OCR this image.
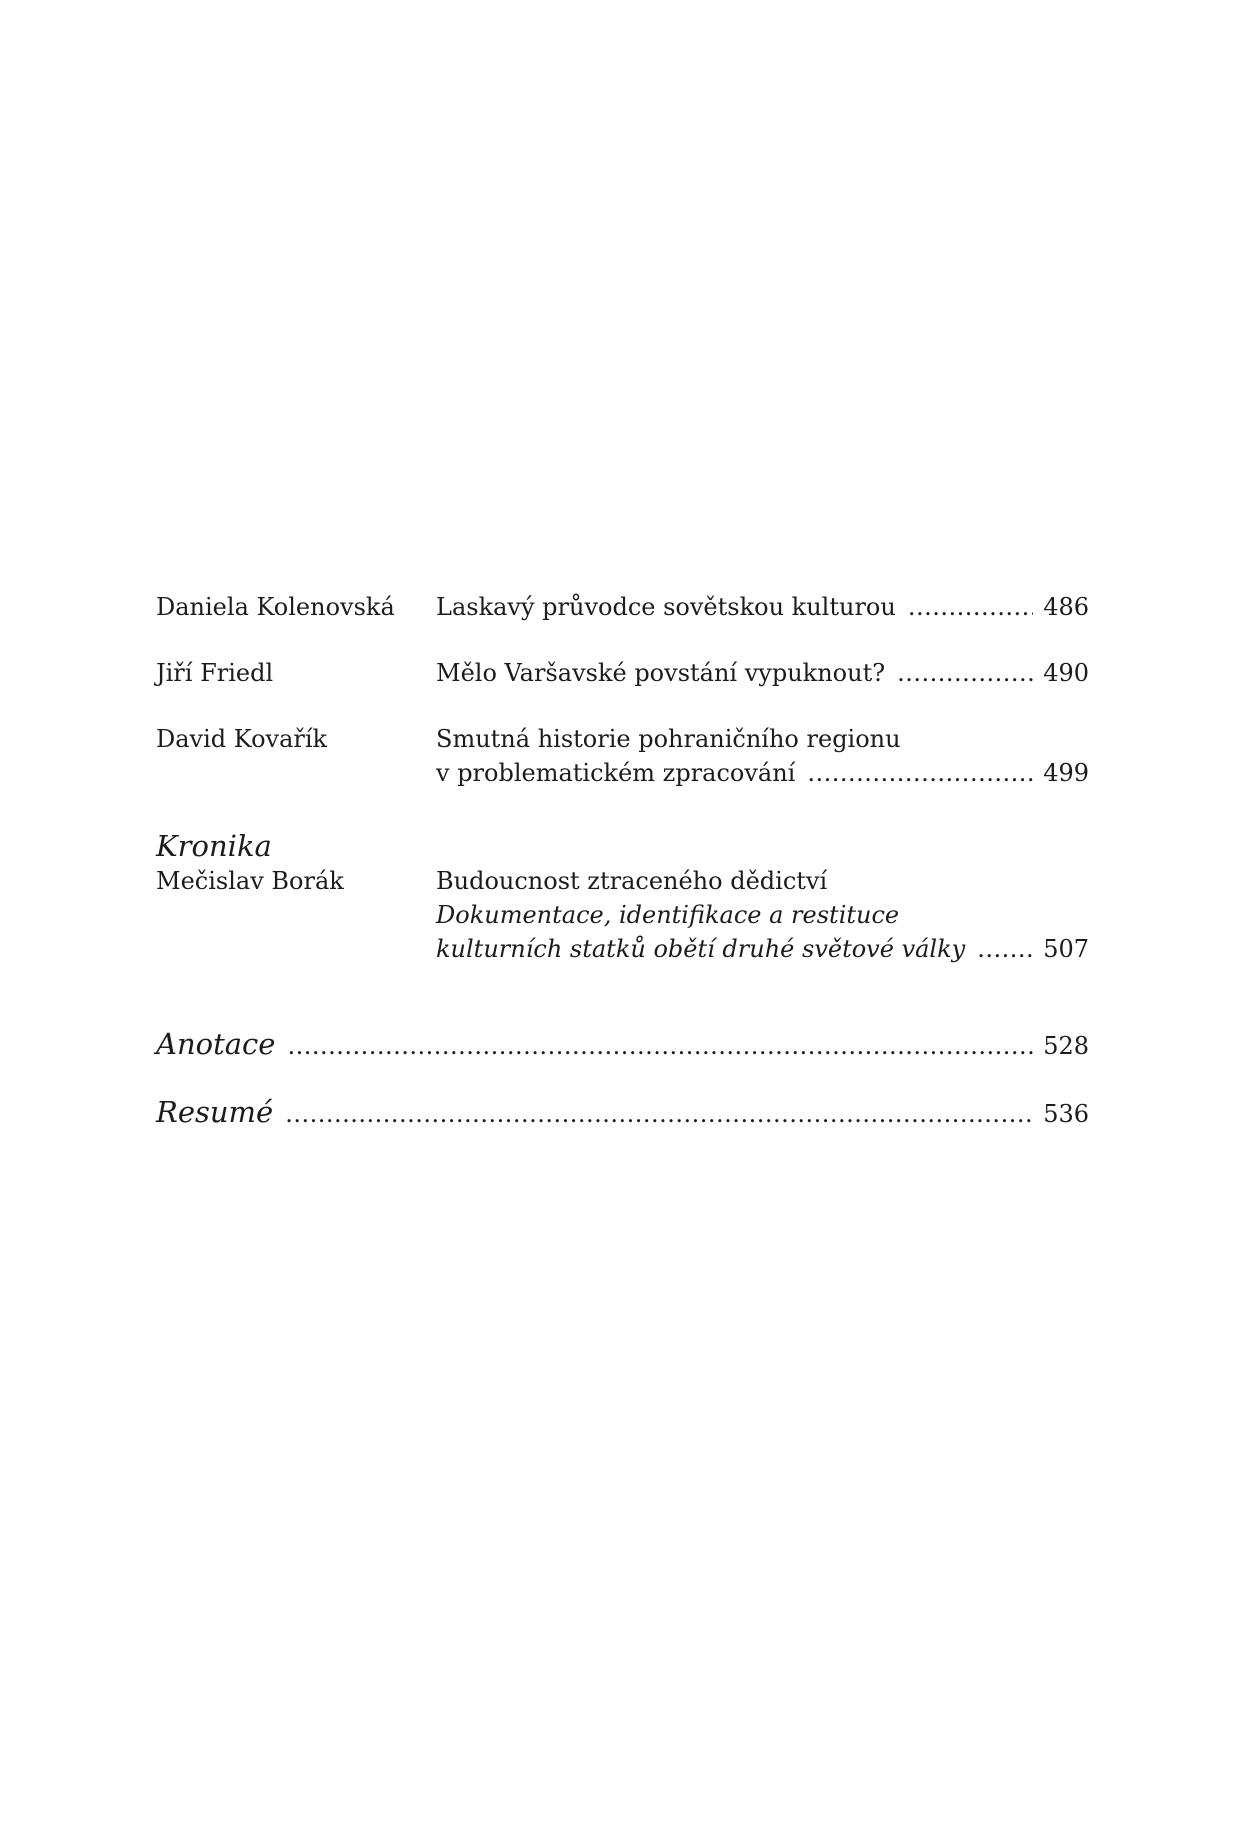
Daniela Kolenovská Laskavý průvodce sovětskou kulturou .....	486
Jiří Friedl	Mělo Varšavské povstání vypuknout? .....	490
David Kovařík	Smutná historie pohraničního regionu
v problematickém zpracování .....	499
Kronika
Mečislav Borák	Budoucnost ztraceného dědictví
Dokumentace, identifikace a restituce
kulturních statků obětí druhé světové války .....	507
Anotace .....	528
Resumé .....	536
